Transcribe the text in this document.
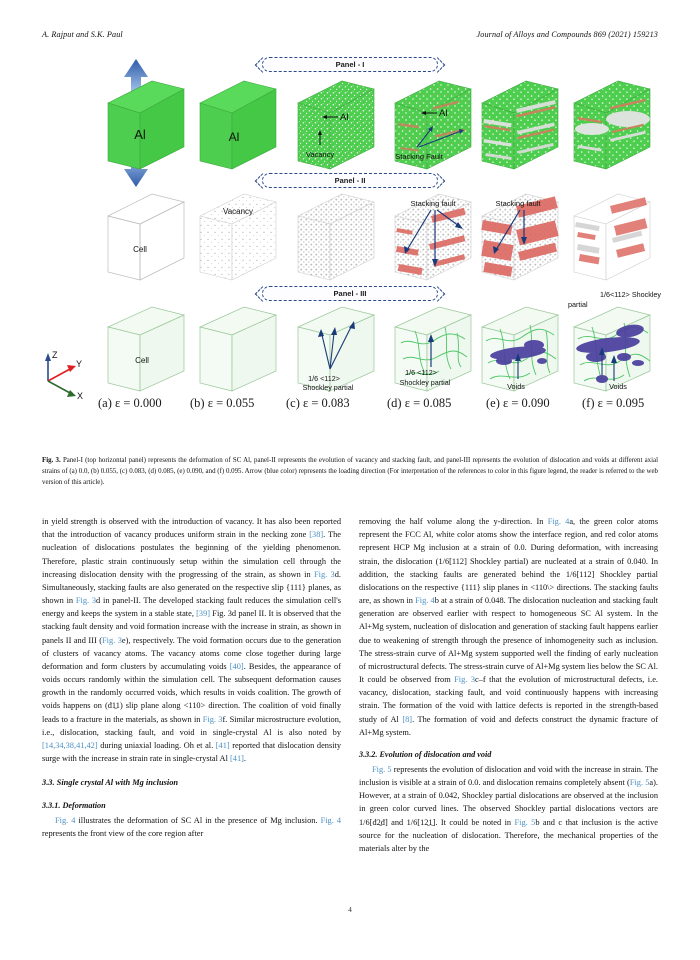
A. Rajput and S.K. Paul	Journal of Alloys and Compounds 869 (2021) 159213
Panel - I
Panel - II
Panel - III
Al	Al
Al
Vacancy
Al
Stacking Fault
Cell
Vacancy
Stacking fault	Stacking fault
Z
Y
X
Cell
1/6 <112>
Shockley partial
1/6 <112>
Shockley partial	Voids
1/6<112> Shockley
partial
Voids
(a) ε = 0.000 (b) ε = 0.055	(c) ε = 0.083	(d) ε = 0.085	(e) ε = 0.090	(f) ε = 0.095
Fig. 3. Panel-I (top horizontal panel) represents the deformation of SC Al, panel-II represents the evolution of vacancy and stacking fault, and panel-III represents the evolution of dislocation and voids at different axial strains of (a) 0.0, (b) 0.055, (c) 0.083, (d) 0.085, (e) 0.090, and (f) 0.095. Arrow (blue color) represents the loading direction (For interpretation of the references to color in this figure legend, the reader is referred to the web version of this article).

in yield strength is observed with the introduction of vacancy. It has also been reported that the introduction of vacancy produces uniform strain in the necking zone [38]. The nucleation of dislocations postulates the beginning of the yielding phenomenon. Therefore, plastic strain continuously setup within the simulation cell through the increasing dislocation density with the progressing of the strain, as shown in Fig. 3d. Simultaneously, stacking faults are also generated on the respective slip {111} planes, as shown in Fig. 3d in panel-II. The developed stacking fault reduces the simulation cell's energy and keeps the system in a stable state, [39] Fig. 3d panel II. It is observed that the stacking fault density and void formation increase with the increase in strain, as shown in panels II and III (Fig. 3e), respectively. The void formation occurs due to the generation of clusters of vacancy atoms. The vacancy atoms come close together during large deformation and form clusters by accumulating voids [40]. Besides, the appearance of voids occurs randomly within the simulation cell. The subsequent deformation causes growth in the randomly occurred voids, which results in voids coalition. The growth of voids happens on (đ1̱1) slip plane along <110> direction. The coalition of void finally leads to a fracture in the materials, as shown in Fig. 3f. Similar microstructure evolution, i.e., dislocation, stacking fault, and void in single-crystal Al is also noted by [14,34,38,41,42] during uniaxial loading. Oh et al. [41] reported that dislocation density surge with the increase in strain rate in single-crystal Al [41].

3.3. Single crystal Al with Mg inclusion
3.3.1. Deformation

Fig. 4 illustrates the deformation of SC Al in the presence of Mg inclusion. Fig. 4 represents the front view of the core region after

removing the half volume along the y-direction. In Fig. 4a, the green color atoms represent the FCC Al, white color atoms show the interface region, and red color atoms represent HCP Mg inclusion at a strain of 0.0. During deformation, with increasing strain, the dislocation (1/6[112] Shockley partial) are nucleated at a strain of 0.040. In addition, the stacking faults are generated behind the 1/6[112] Shockley partial dislocations on the respective {111} slip planes in <110\> directions. The stacking faults are, as shown in Fig. 4b at a strain of 0.048. The dislocation nucleation and stacking fault generation are observed earlier with respect to homogeneous SC Al system. In the Al+Mg system, nucleation of dislocation and generation of stacking fault happens earlier due to weakening of strength through the presence of inhomogeneity such as inclusion. The stress-strain curve of Al+Mg system supported well the finding of early nucleation of microstructural defects. The stress-strain curve of Al+Mg system lies below the SC Al. It could be observed from Fig. 3c–f that the evolution of microstructural defects, i.e. vacancy, dislocation, stacking fault, and void continuously happens with increasing strain. The formation of the void with lattice defects is reported in the strength-based study of Al [8]. The formation of void and defects construct the dynamic fracture of Al+Mg system.

3.3.2. Evolution of dislocation and void

Fig. 5 represents the evolution of dislocation and void with the increase in strain. The inclusion is visible at a strain of 0.0. and dislocation remains completely absent (Fig. 5a). However, at a strain of 0.042, Shockley partial dislocations are observed at the inclusion in green color curved lines. The observed Shockley partial dislocations vectors are 1/6[đ2̱đ] and 1/6[12̱1̱]. It could be noted in Fig. 5b and c that inclusion is the active source for the nucleation of dislocation. Therefore, the mechanical properties of the materials alter by the

4
